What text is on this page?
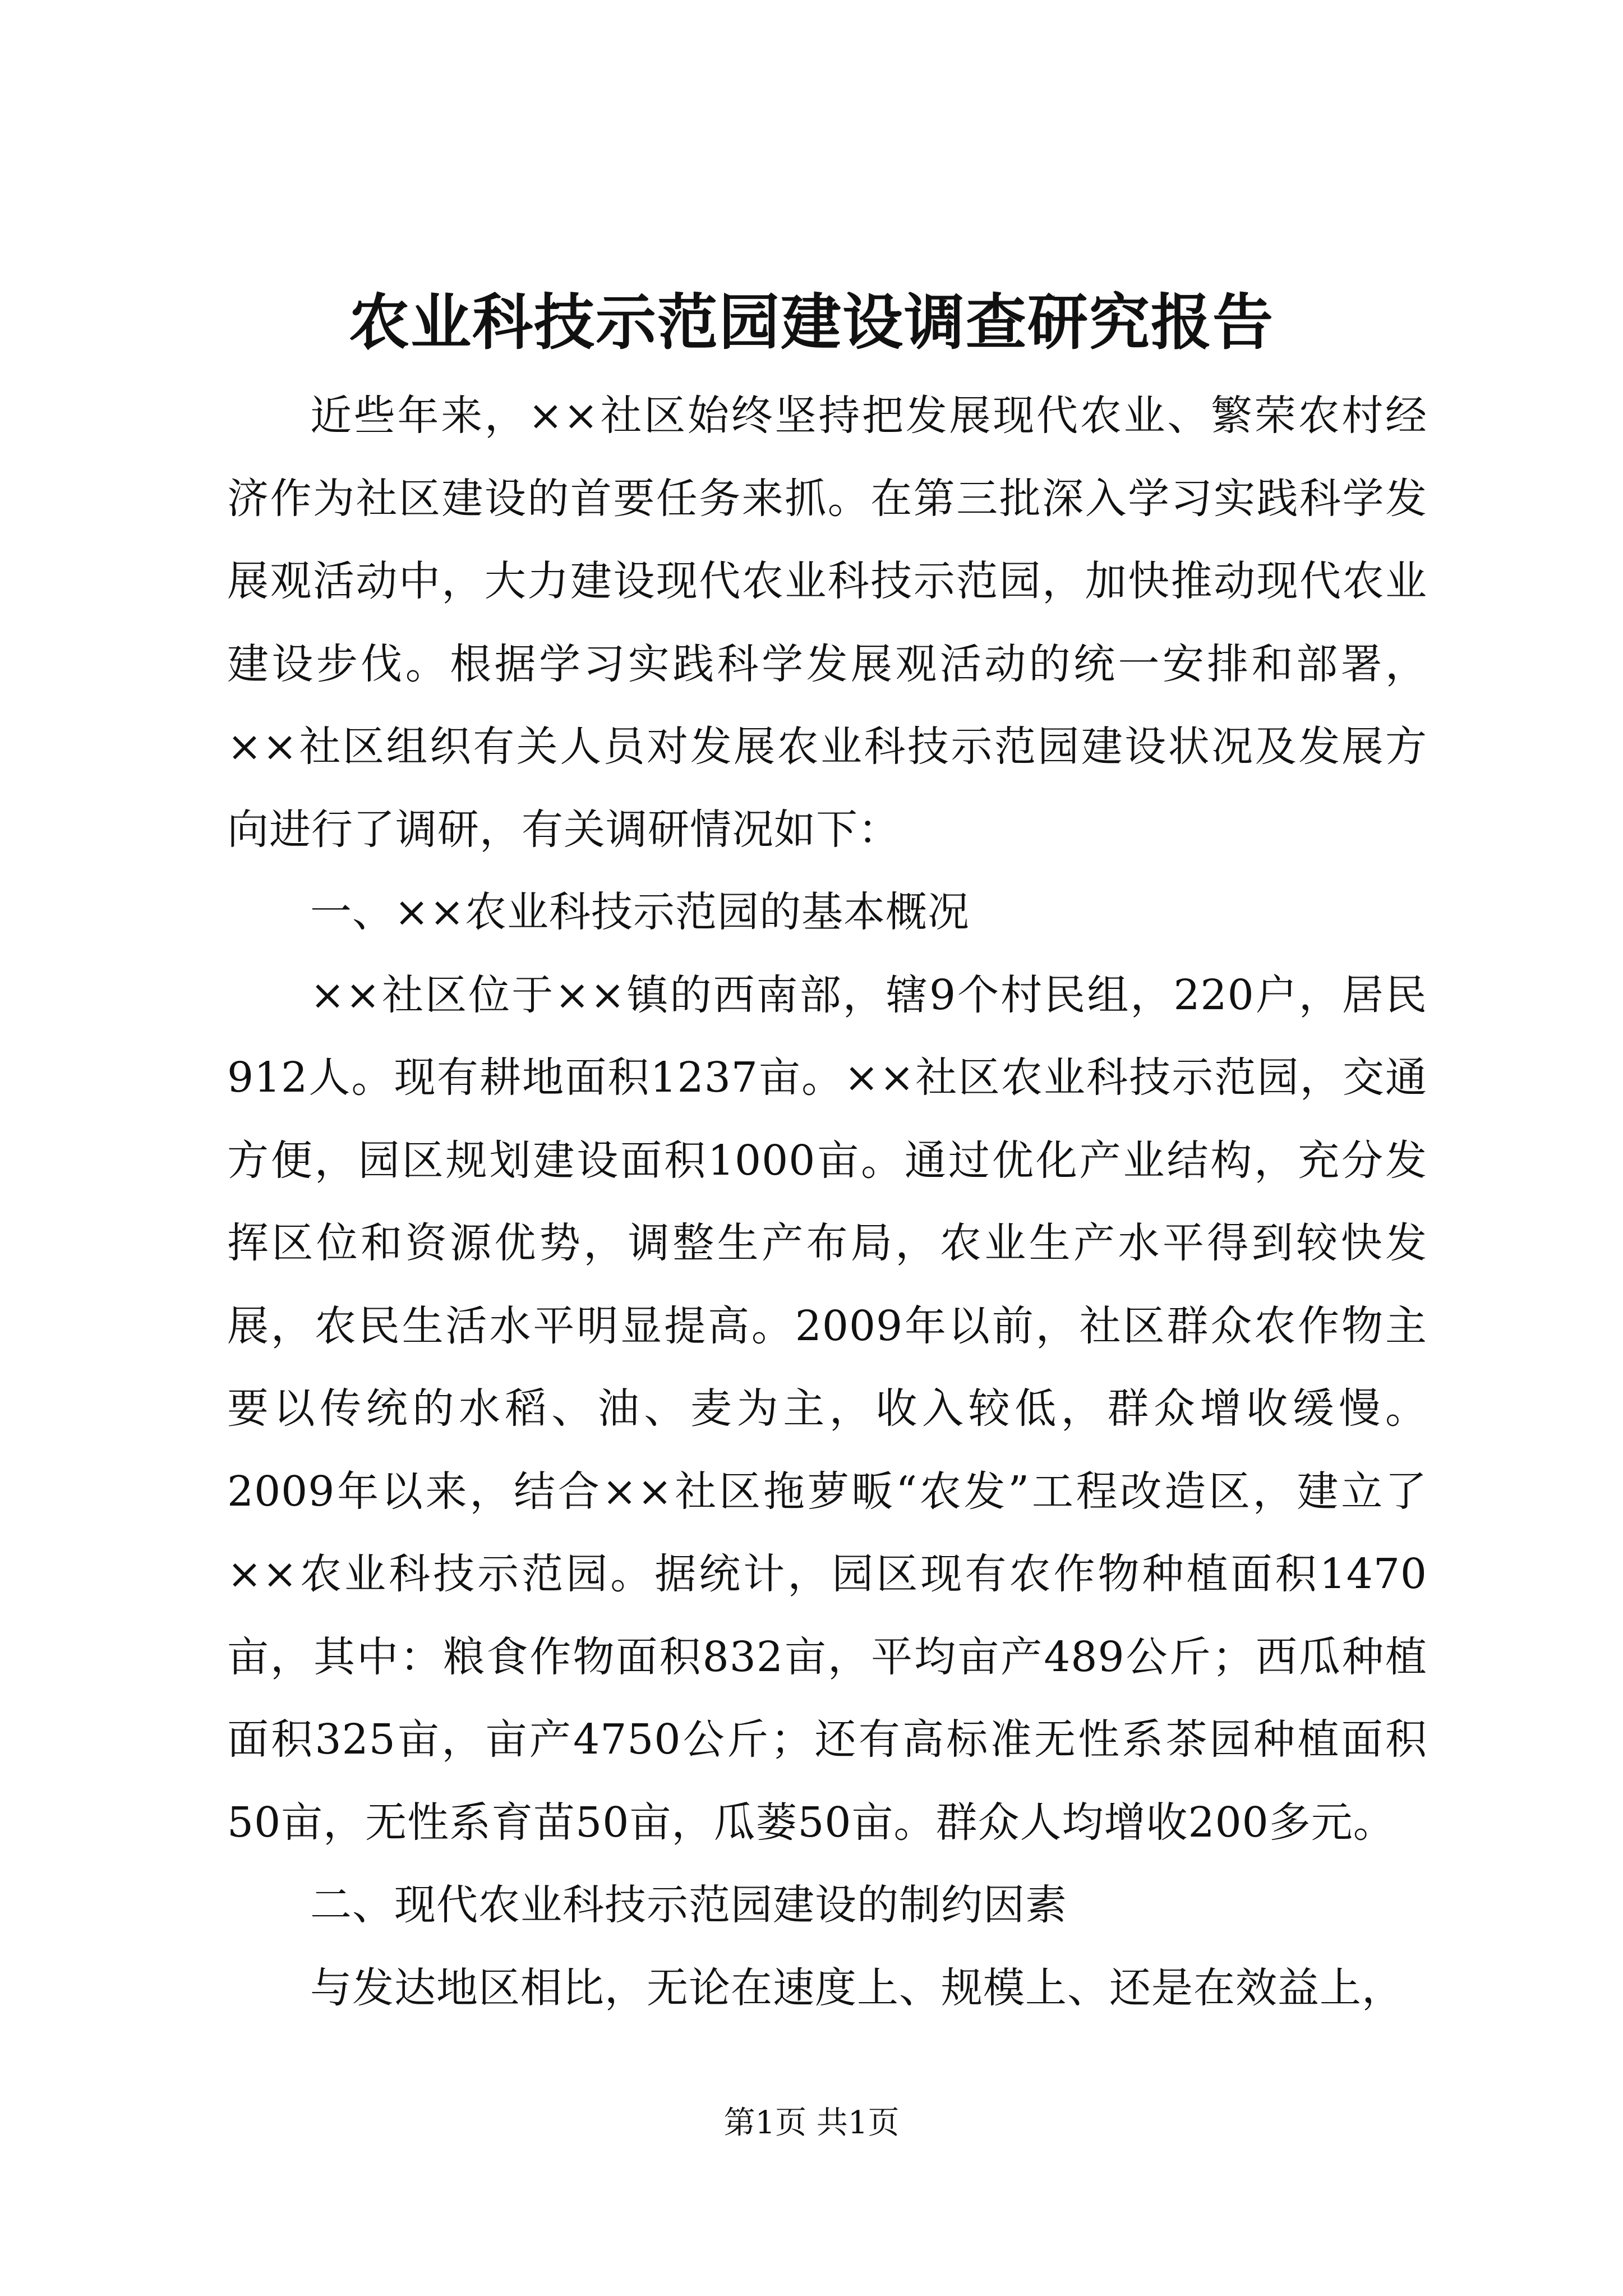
农业科技示范园建设调查研究报告

近些年来，××社区始终坚持把发展现代农业、繁荣农村经济作为社区建设的首要任务来抓。在第三批深入学习实践科学发展观活动中，大力建设现代农业科技示范园，加快推动现代农业建设步伐。根据学习实践科学发展观活动的统一安排和部署，××社区组织有关人员对发展农业科技示范园建设状况及发展方向进行了调研，有关调研情况如下：

一、××农业科技示范园的基本概况

××社区位于××镇的西南部，辖9个村民组，220户，居民912人。现有耕地面积1237亩。××社区农业科技示范园，交通方便，园区规划建设面积1000亩。通过优化产业结构，充分发挥区位和资源优势，调整生产布局，农业生产水平得到较快发展，农民生活水平明显提高。2009年以前，社区群众农作物主要以传统的水稻、油、麦为主，收入较低，群众增收缓慢。2009年以来，结合××社区拖萝畈“农发”工程改造区，建立了××农业科技示范园。据统计，园区现有农作物种植面积1470亩，其中：粮食作物面积832亩，平均亩产489公斤；西瓜种植面积325亩，亩产4750公斤；还有高标准无性系茶园种植面积50亩，无性系育苗50亩，瓜蒌50亩。群众人均增收200多元。

二、现代农业科技示范园建设的制约因素

与发达地区相比，无论在速度上、规模上、还是在效益上，

第1页 共1页
